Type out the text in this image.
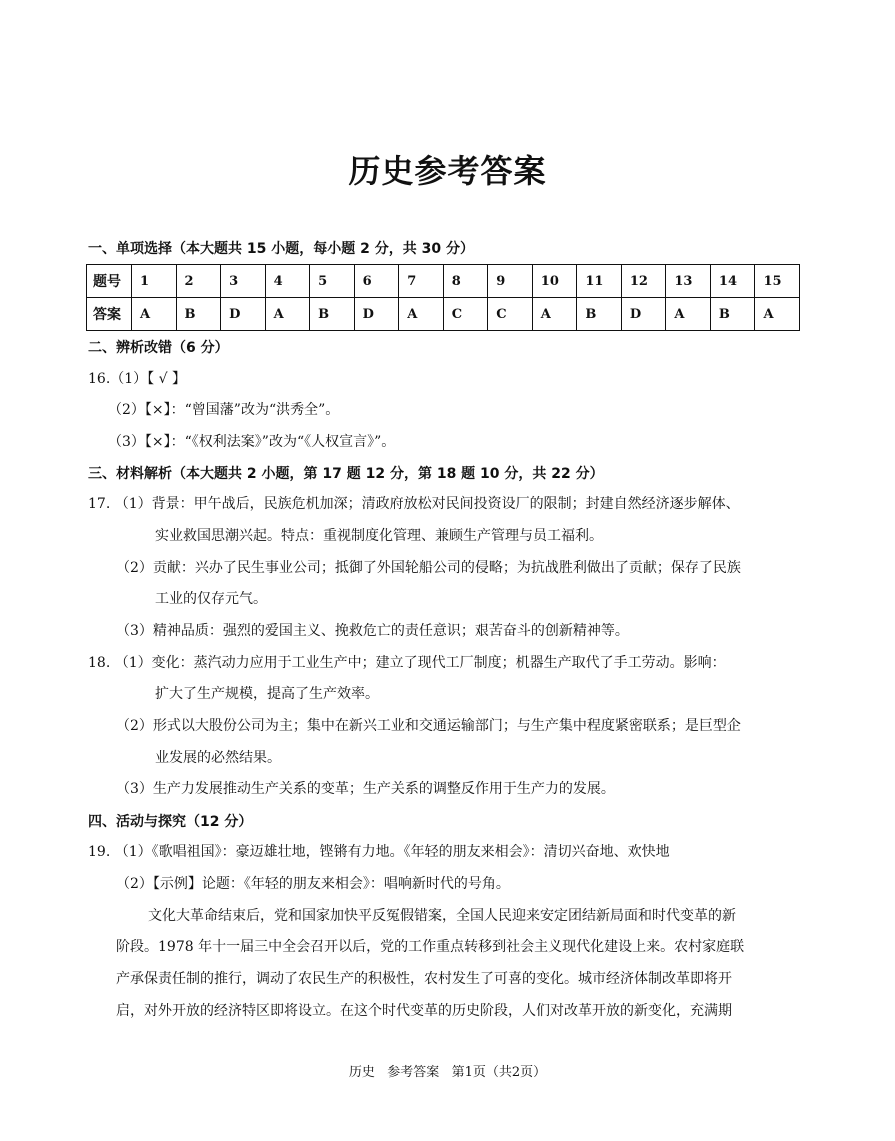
历史参考答案
一、单项选择（本大题共 15 小题，每小题 2 分，共 30 分）
题号	1	2	3	4	5	6	7	8	9	10	11	12	13	14	15
答案	A	B	D	A	B	D	A	C	C	A	B	D	A	B	A
二、辨析改错（6 分）
16.（1）【 √ 】
（2）【×】：“曾国藩”改为“洪秀全”。
（3）【×】：“《权利法案》”改为“《人权宣言》”。
三、材料解析（本大题共 2 小题，第 17 题 12 分，第 18 题 10 分，共 22 分）
17. （1）背景：甲午战后，民族危机加深；清政府放松对民间投资设厂的限制；封建自然经济逐步解体、
实业救国思潮兴起。特点：重视制度化管理、兼顾生产管理与员工福利。
（2）贡献：兴办了民生事业公司；抵御了外国轮船公司的侵略；为抗战胜利做出了贡献；保存了民族
工业的仅存元气。
（3）精神品质：强烈的爱国主义、挽救危亡的责任意识；艰苦奋斗的创新精神等。
18. （1）变化：蒸汽动力应用于工业生产中；建立了现代工厂制度；机器生产取代了手工劳动。影响：
扩大了生产规模，提高了生产效率。
（2）形式以大股份公司为主；集中在新兴工业和交通运输部门；与生产集中程度紧密联系；是巨型企
业发展的必然结果。
（3）生产力发展推动生产关系的变革；生产关系的调整反作用于生产力的发展。
四、活动与探究（12 分）
19. （1）《歌唱祖国》：豪迈雄壮地，铿锵有力地。《年轻的朋友来相会》：清切兴奋地、欢快地
（2）【示例】论题：《年轻的朋友来相会》：唱响新时代的号角。
文化大革命结束后，党和国家加快平反冤假错案，全国人民迎来安定团结新局面和时代变革的新
阶段。1978 年十一届三中全会召开以后，党的工作重点转移到社会主义现代化建设上来。农村家庭联
产承保责任制的推行，调动了农民生产的积极性，农村发生了可喜的变化。城市经济体制改革即将开
启，对外开放的经济特区即将设立。在这个时代变革的历史阶段，人们对改革开放的新变化，充满期
历史   参考答案   第1页（共2页）
